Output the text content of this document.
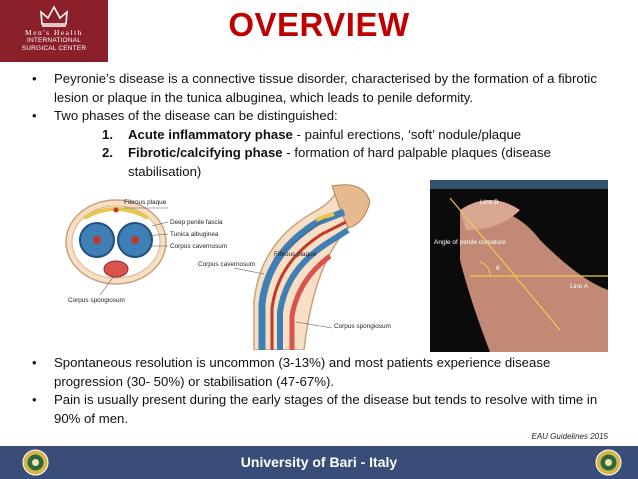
Men's Health
INTERNATIONAL
SURGICAL CENTER
OVERVIEW
• Peyronie’s disease is a connective tissue disorder, characterised by the formation of a fibrotic lesion or plaque in the tunica albuginea, which leads to penile deformity.
• Two phases of the disease can be distinguished:
1. Acute inflammatory phase - painful erections, ‘soft’ nodule/plaque
2. Fibrotic/calcifying phase - formation of hard palpable plaques (disease stabilisation)
Fibrous plaque
Deep penile fascia
Tunica albuginea
Corpus cavernosum
Corpus spongiosum
Fibrous plaque
Corpus cavernosum
Corpus spongiosum
Line B
Angle of penile curvature
θ
Line A
• Spontaneous resolution is uncommon (3-13%) and most patients experience disease progression (30- 50%) or stabilisation (47-67%).
• Pain is usually present during the early stages of the disease but tends to resolve with time in 90% of men.
EAU Guidelines 2015
University of Bari - Italy
